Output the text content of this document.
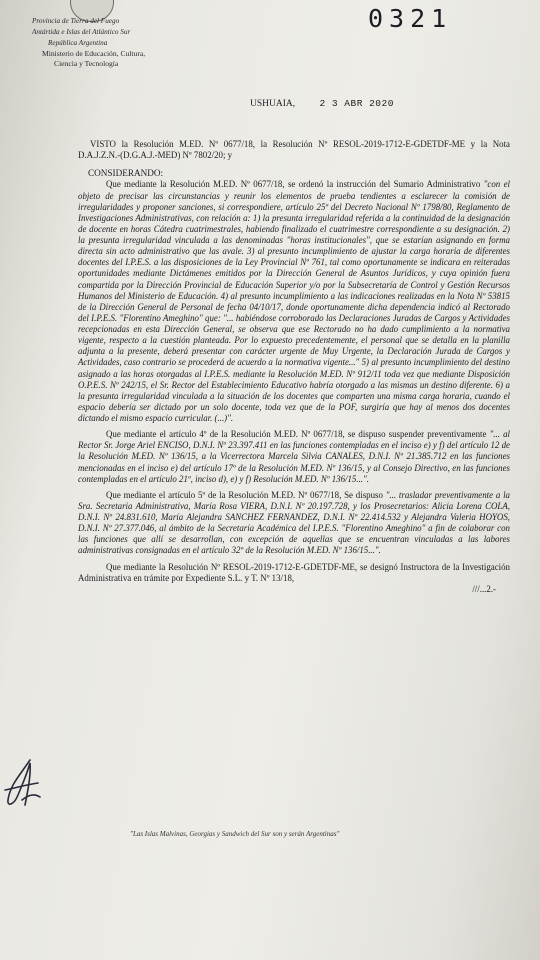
Provincia de Tierra del Fuego
Antártida e Islas del Atlántico Sur
República Argentina
Ministerio de Educación, Cultura,
Ciencia y Tecnología
0321
USHUAIA,	2 3 ABR 2020

VISTO la Resolución M.ED. Nº 0677/18, la Resolución Nº RESOL-2019-1712-E-GDETDF-ME y la Nota D.A.J.Z.N.-(D.G.A.J.-MED) Nº 7802/20; y

CONSIDERANDO:

Que mediante la Resolución M.ED. Nº 0677/18, se ordenó la instrucción del Sumario Administrativo "con el objeto de precisar las circunstancias y reunir los elementos de prueba tendientes a esclarecer la comisión de irregularidades y proponer sanciones, si correspondiere, artículo 25º del Decreto Nacional Nº 1798/80, Reglamento de Investigaciones Administrativas, con relación a: 1) la presunta irregularidad referida a la continuidad de la designación de docente en horas Cátedra cuatrimestrales, habiendo finalizado el cuatrimestre correspondiente a su designación. 2) la presunta irregularidad vinculada a las denominadas "horas institucionales", que se estarían asignando en forma directa sin acto administrativo que las avale. 3) al presunto incumplimiento de ajustar la carga horaria de diferentes docentes del I.P.E.S. a las disposiciones de la Ley Provincial Nº 761, tal como oportunamente se indicara en reiteradas oportunidades mediante Dictámenes emitidos por la Dirección General de Asuntos Jurídicos, y cuya opinión fuera compartida por la Dirección Provincial de Educación Superior y/o por la Subsecretaría de Control y Gestión Recursos Humanos del Ministerio de Educación. 4) al presunto incumplimiento a las indicaciones realizadas en la Nota Nº 53815 de la Dirección General de Personal de fecha 04/10/17, donde oportunamente dicha dependencia indicó al Rectorado del I.P.E.S. "Florentino Ameghino" que: "... habiéndose corroborado las Declaraciones Juradas de Cargos y Actividades recepcionadas en esta Dirección General, se observa que ese Rectorado no ha dado cumplimiento a la normativa vigente, respecto a la cuestión planteada. Por lo expuesto precedentemente, el personal que se detalla en la planilla adjunta a la presente, deberá presentar con carácter urgente de Muy Urgente, la Declaración Jurada de Cargos y Actividades, caso contrario se procederá de acuerdo a la normativa vigente..." 5) al presunto incumplimiento del destino asignado a las horas otorgadas al I.P.E.S. mediante la Resolución M.ED. Nº 912/11 toda vez que mediante Disposición O.P.E.S. Nº 242/15, el Sr. Rector del Establecimiento Educativo habría otorgado a las mismas un destino diferente. 6) a la presunta irregularidad vinculada a la situación de los docentes que comparten una misma carga horaria, cuando el espacio debería ser dictado por un solo docente, toda vez que de la POF, surgiría que hay al menos dos docentes dictando el mismo espacio curricular. (...)".

Que mediante el artículo 4º de la Resolución M.ED. Nº 0677/18, se dispuso suspender preventivamente "... al Rector Sr. Jorge Ariel ENCISO, D.N.I. Nº 23.397.411 en las funciones contempladas en el inciso e) y f) del artículo 12 de la Resolución M.ED. Nº 136/15, a la Vicerrectora Marcela Silvia CANALES, D.N.I. Nº 21.385.712 en las funciones mencionadas en el inciso e) del artículo 17º de la Resolución M.ED. Nº 136/15, y al Consejo Directivo, en las funciones contempladas en el artículo 21º, inciso d), e) y f) Resolución M.ED. Nº 136/15...".

Que mediante el artículo 5º de la Resolución M.ED. Nº 0677/18, Se dispuso "... trasladar preventivamente a la Sra. Secretaria Administrativa, María Rosa VIERA, D.N.I. Nº 20.197.728, y los Prosecretarios: Alicia Lorena COLA, D.N.I. Nº 24.831.610, María Alejandra SANCHEZ FERNANDEZ, D.N.I. Nº 22.414.532 y Alejandra Valeria HOYOS, D.N.I. Nº 27.377.046, al ámbito de la Secretaría Académica del I.P.E.S. "Florentino Ameghino" a fin de colaborar con las funciones que allí se desarrollan, con excepción de aquellas que se encuentran vinculadas a las labores administrativas consignadas en el artículo 32º de la Resolución M.ED. Nº 136/15...".

Que mediante la Resolución Nº RESOL-2019-1712-E-GDETDF-ME, se designó Instructora de la Investigación Administrativa en trámite por Expediente S.L. y T. Nº 13/18,

///...2.-

"Las Islas Malvinas, Georgias y Sandwich del Sur son y serán Argentinas"
